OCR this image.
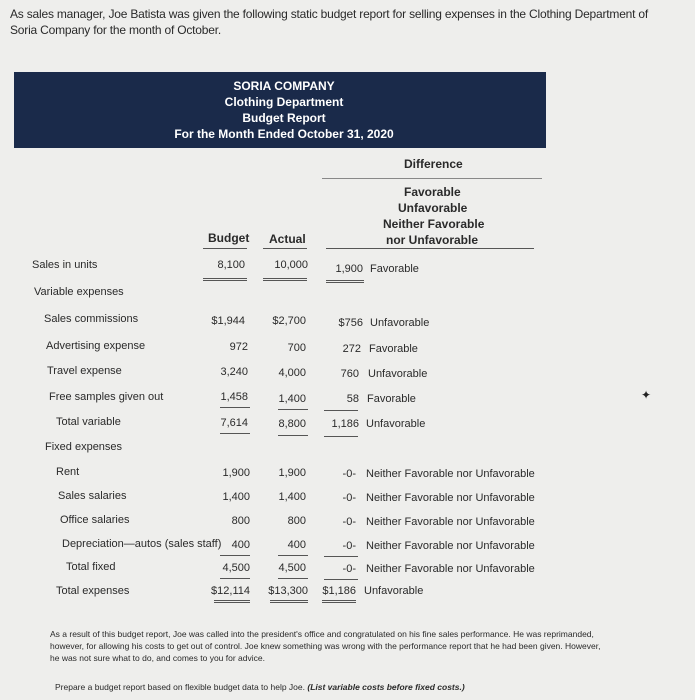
As sales manager, Joe Batista was given the following static budget report for selling expenses in the Clothing Department of Soria Company for the month of October.
SORIA COMPANY
Clothing Department
Budget Report
For the Month Ended October 31, 2020
Difference
Favorable
Unfavorable
Neither Favorable
nor Unfavorable
Budget Actual
Sales in units	8,100	10,000	1,900 Favorable
Variable expenses
Sales commissions	$1,944	$2,700	$756 Unfavorable
Advertising expense	972	700	272 Favorable
Travel expense	3,240	4,000	760 Unfavorable
Free samples given out	1,458	1,400	58 Favorable
Total variable	7,614	8,800	1,186 Unfavorable
Fixed expenses
Rent	1,900	1,900	-0- Neither Favorable nor Unfavorable
Sales salaries	1,400	1,400	-0- Neither Favorable nor Unfavorable
Office salaries	800	800	-0- Neither Favorable nor Unfavorable
Depreciation—autos (sales staff) 400	400	-0- Neither Favorable nor Unfavorable
Total fixed	4,500	4,500	-0- Neither Favorable nor Unfavorable
Total expenses	$12,114	$13,300	$1,186 Unfavorable
As a result of this budget report, Joe was called into the president's office and congratulated on his fine sales performance. He was reprimanded, however, for allowing his costs to get out of control. Joe knew something was wrong with the performance report that he had been given. However, he was not sure what to do, and comes to you for advice.
Prepare a budget report based on flexible budget data to help Joe. (List variable costs before fixed costs.)
✦
